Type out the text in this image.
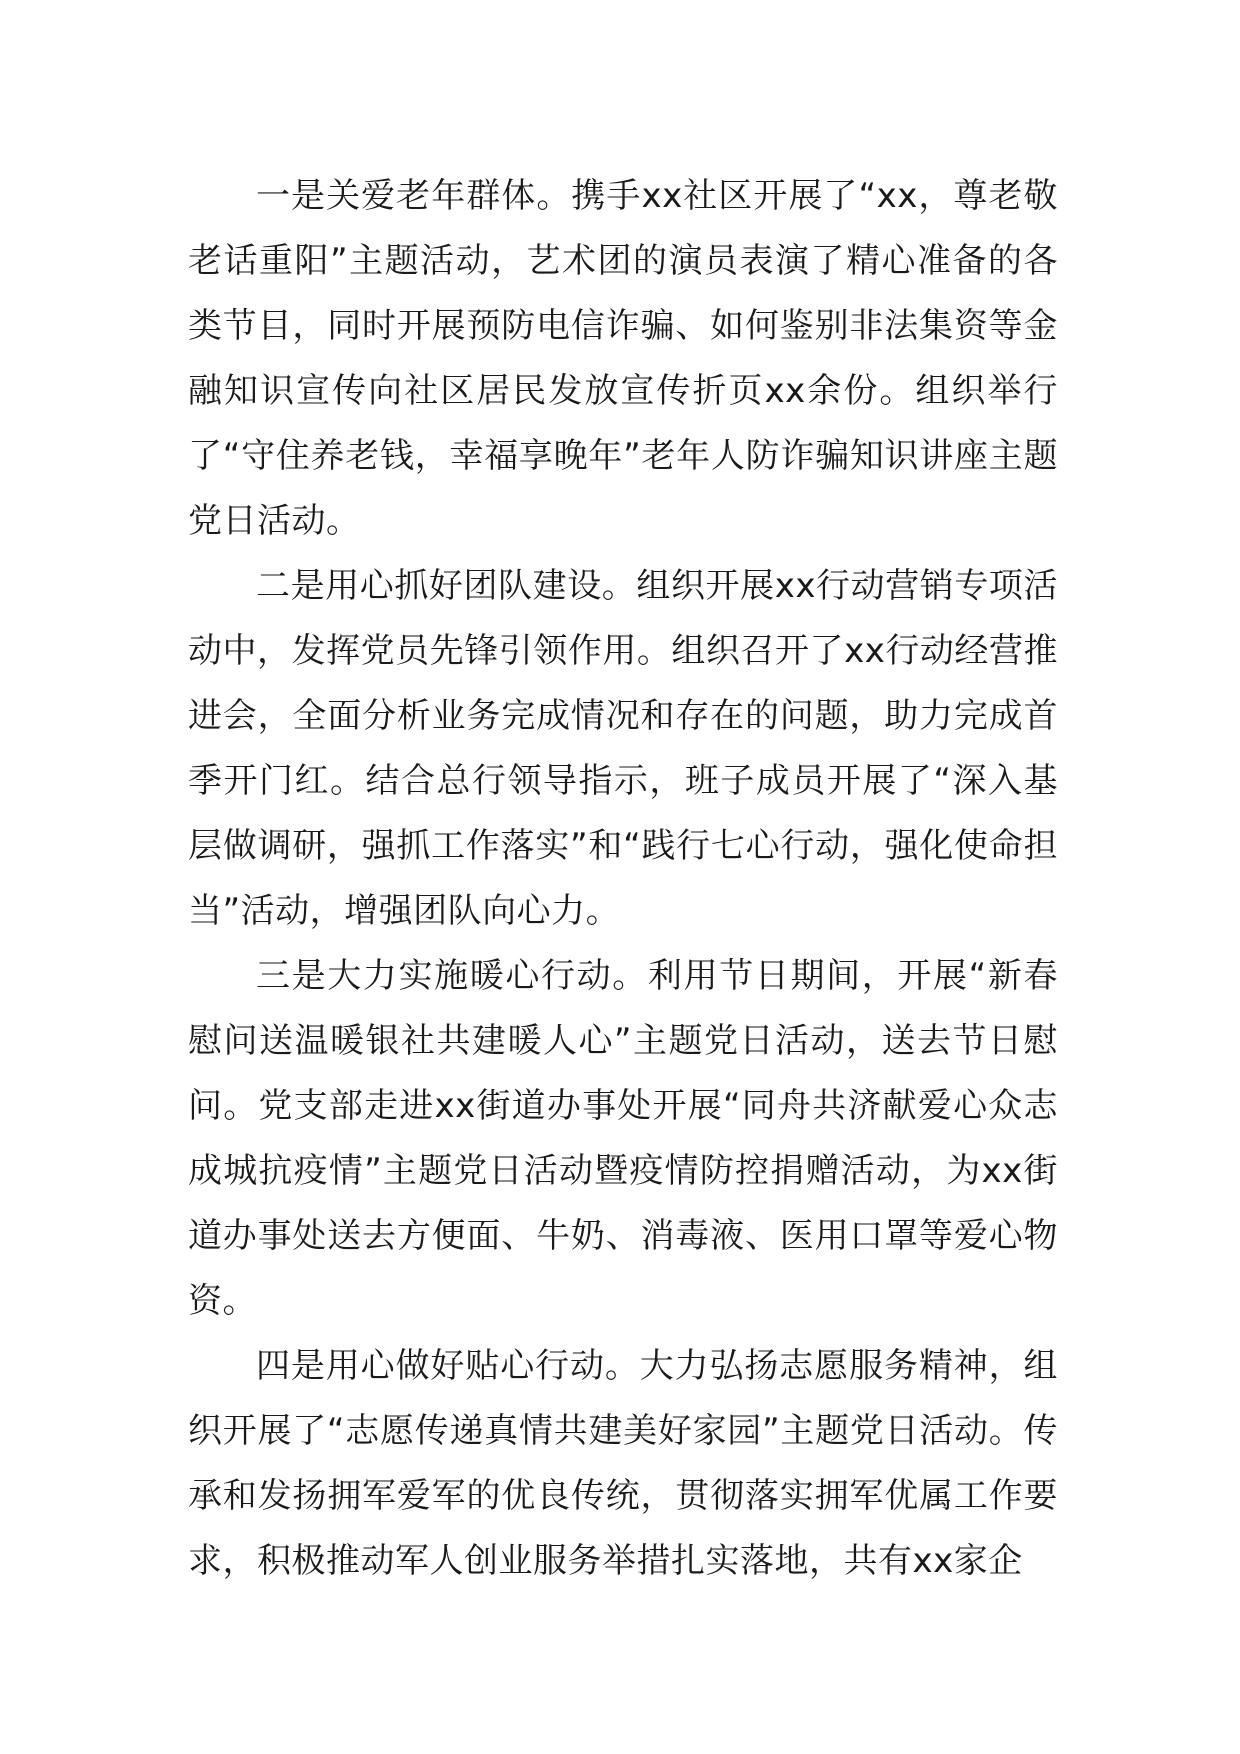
一是关爱老年群体。携手xx社区开展了“xx，尊老敬老话重阳”主题活动，艺术团的演员表演了精心准备的各类节目，同时开展预防电信诈骗、如何鉴别非法集资等金融知识宣传向社区居民发放宣传折页xx余份。组织举行了“守住养老钱，幸福享晚年”老年人防诈骗知识讲座主题党日活动。

二是用心抓好团队建设。组织开展xx行动营销专项活动中，发挥党员先锋引领作用。组织召开了xx行动经营推进会，全面分析业务完成情况和存在的问题，助力完成首季开门红。结合总行领导指示，班子成员开展了“深入基层做调研，强抓工作落实”和“践行七心行动，强化使命担当”活动，增强团队向心力。

三是大力实施暖心行动。利用节日期间，开展“新春慰问送温暖银社共建暖人心”主题党日活动，送去节日慰问。党支部走进xx街道办事处开展“同舟共济献爱心众志成城抗疫情”主题党日活动暨疫情防控捐赠活动，为xx街道办事处送去方便面、牛奶、消毒液、医用口罩等爱心物资。

四是用心做好贴心行动。大力弘扬志愿服务精神，组织开展了“志愿传递真情共建美好家园”主题党日活动。传承和发扬拥军爱军的优良传统，贯彻落实拥军优属工作要求，积极推动军人创业服务举措扎实落地，共有xx家企
